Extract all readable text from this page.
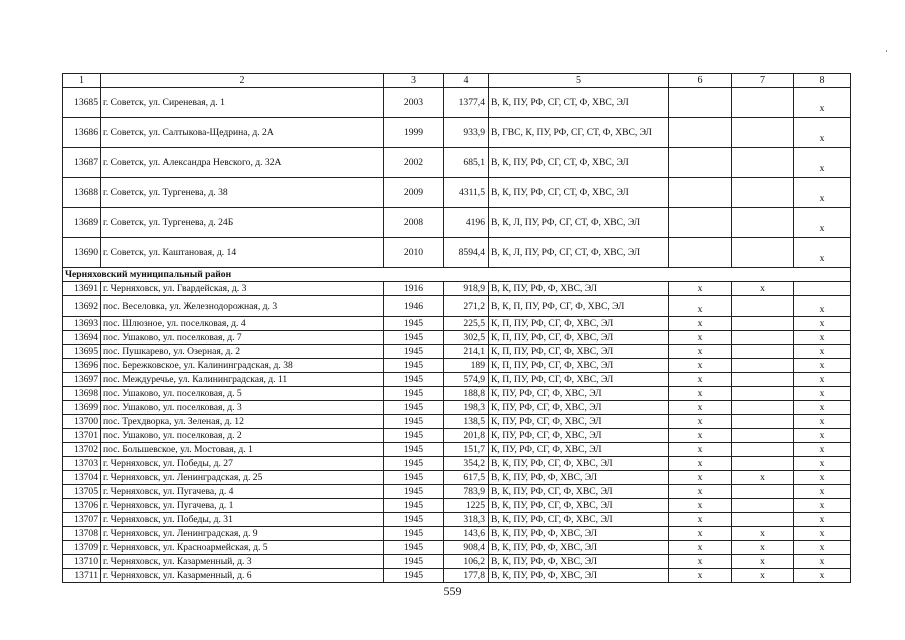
1	2	3	4	5	6	7	8
13685	г. Советск, ул. Сиреневая, д. 1	2003	1377,4	В, К, ПУ, РФ, СГ, СТ, Ф, ХВС, ЭЛ			х
13686	г. Советск, ул. Салтыкова-Щедрина, д. 2А	1999	933,9	В, ГВС, К, ПУ, РФ, СГ, СТ, Ф, ХВС, ЭЛ			х
13687	г. Советск, ул. Александра Невского, д. 32А	2002	685,1	В, К, ПУ, РФ, СГ, СТ, Ф, ХВС, ЭЛ			х
13688	г. Советск, ул. Тургенева, д. 38	2009	4311,5	В, К, ПУ, РФ, СГ, СТ, Ф, ХВС, ЭЛ			х
13689	г. Советск, ул. Тургенева, д. 24Б	2008	4196	В, К, Л, ПУ, РФ, СГ, СТ, Ф, ХВС, ЭЛ			х
13690	г. Советск, ул. Каштановая, д. 14	2010	8594,4	В, К, Л, ПУ, РФ, СГ, СТ, Ф, ХВС, ЭЛ			х
Черняховский муниципальный район							
13691	г. Черняховск, ул. Гвардейская, д. 3	1916	918,9	В, К, ПУ, РФ, Ф, ХВС, ЭЛ	х	х	
13692	пос. Веселовка, ул. Железнодорожная, д. 3	1946	271,2	В, К, П, ПУ, РФ, СГ, Ф, ХВС, ЭЛ	х		х
13693	пос. Шлюзное, ул. поселковая, д. 4	1945	225,5	К, П, ПУ, РФ, СГ, Ф, ХВС, ЭЛ	х		х
13694	пос. Ушаково, ул. поселковая, д. 7	1945	302,5	К, П, ПУ, РФ, СГ, Ф, ХВС, ЭЛ	х		х
13695	пос. Пушкарево, ул. Озерная, д. 2	1945	214,1	К, П, ПУ, РФ, СГ, Ф, ХВС, ЭЛ	х		х
13696	пос. Бережковское, ул. Калининградская, д. 38	1945	189	К, П, ПУ, РФ, СГ, Ф, ХВС, ЭЛ	х		х
13697	пос. Междуречье, ул. Калининградская, д. 11	1945	574,9	К, П, ПУ, РФ, СГ, Ф, ХВС, ЭЛ	х		х
13698	пос. Ушаково, ул. поселковая, д. 5	1945	188,8	К, ПУ, РФ, СГ, Ф, ХВС, ЭЛ	х		х
13699	пос. Ушаково, ул. поселковая, д. 3	1945	198,3	К, ПУ, РФ, СГ, Ф, ХВС, ЭЛ	х		х
13700	пос. Трехдворка, ул. Зеленая, д. 12	1945	138,5	К, ПУ, РФ, СГ, Ф, ХВС, ЭЛ	х		х
13701	пос. Ушаково, ул. поселковая, д. 2	1945	201,8	К, ПУ, РФ, СГ, Ф, ХВС, ЭЛ	х		х
13702	пос. Большевское, ул. Мостовая, д. 1	1945	151,7	К, ПУ, РФ, СГ, Ф, ХВС, ЭЛ	х		х
13703	г. Черняховск, ул. Победы, д. 27	1945	354,2	В, К, ПУ, РФ, СГ, Ф, ХВС, ЭЛ	х		х
13704	г. Черняховск, ул. Ленинградская, д. 25	1945	617,5	В, К, ПУ, РФ, Ф, ХВС, ЭЛ	х	х	х
13705	г. Черняховск, ул. Пугачева, д. 4	1945	783,9	В, К, ПУ, РФ, СГ, Ф, ХВС, ЭЛ	х		х
13706	г. Черняховск, ул. Пугачева, д. 1	1945	1225	В, К, ПУ, РФ, СГ, Ф, ХВС, ЭЛ	х		х
13707	г. Черняховск, ул. Победы, д. 31	1945	318,3	В, К, ПУ, РФ, СГ, Ф, ХВС, ЭЛ	х		х
13708	г. Черняховск, ул. Ленинградская, д. 9	1945	143,6	В, К, ПУ, РФ, Ф, ХВС, ЭЛ	х	х	х
13709	г. Черняховск, ул. Красноармейская, д. 5	1945	908,4	В, К, ПУ, РФ, Ф, ХВС, ЭЛ	х	х	х
13710	г. Черняховск, ул. Казарменный, д. 3	1945	106,2	В, К, ПУ, РФ, Ф, ХВС, ЭЛ	х	х	х
13711	г. Черняховск, ул. Казарменный, д. 6	1945	177,8	В, К, ПУ, РФ, Ф, ХВС, ЭЛ	х	х	х
559
